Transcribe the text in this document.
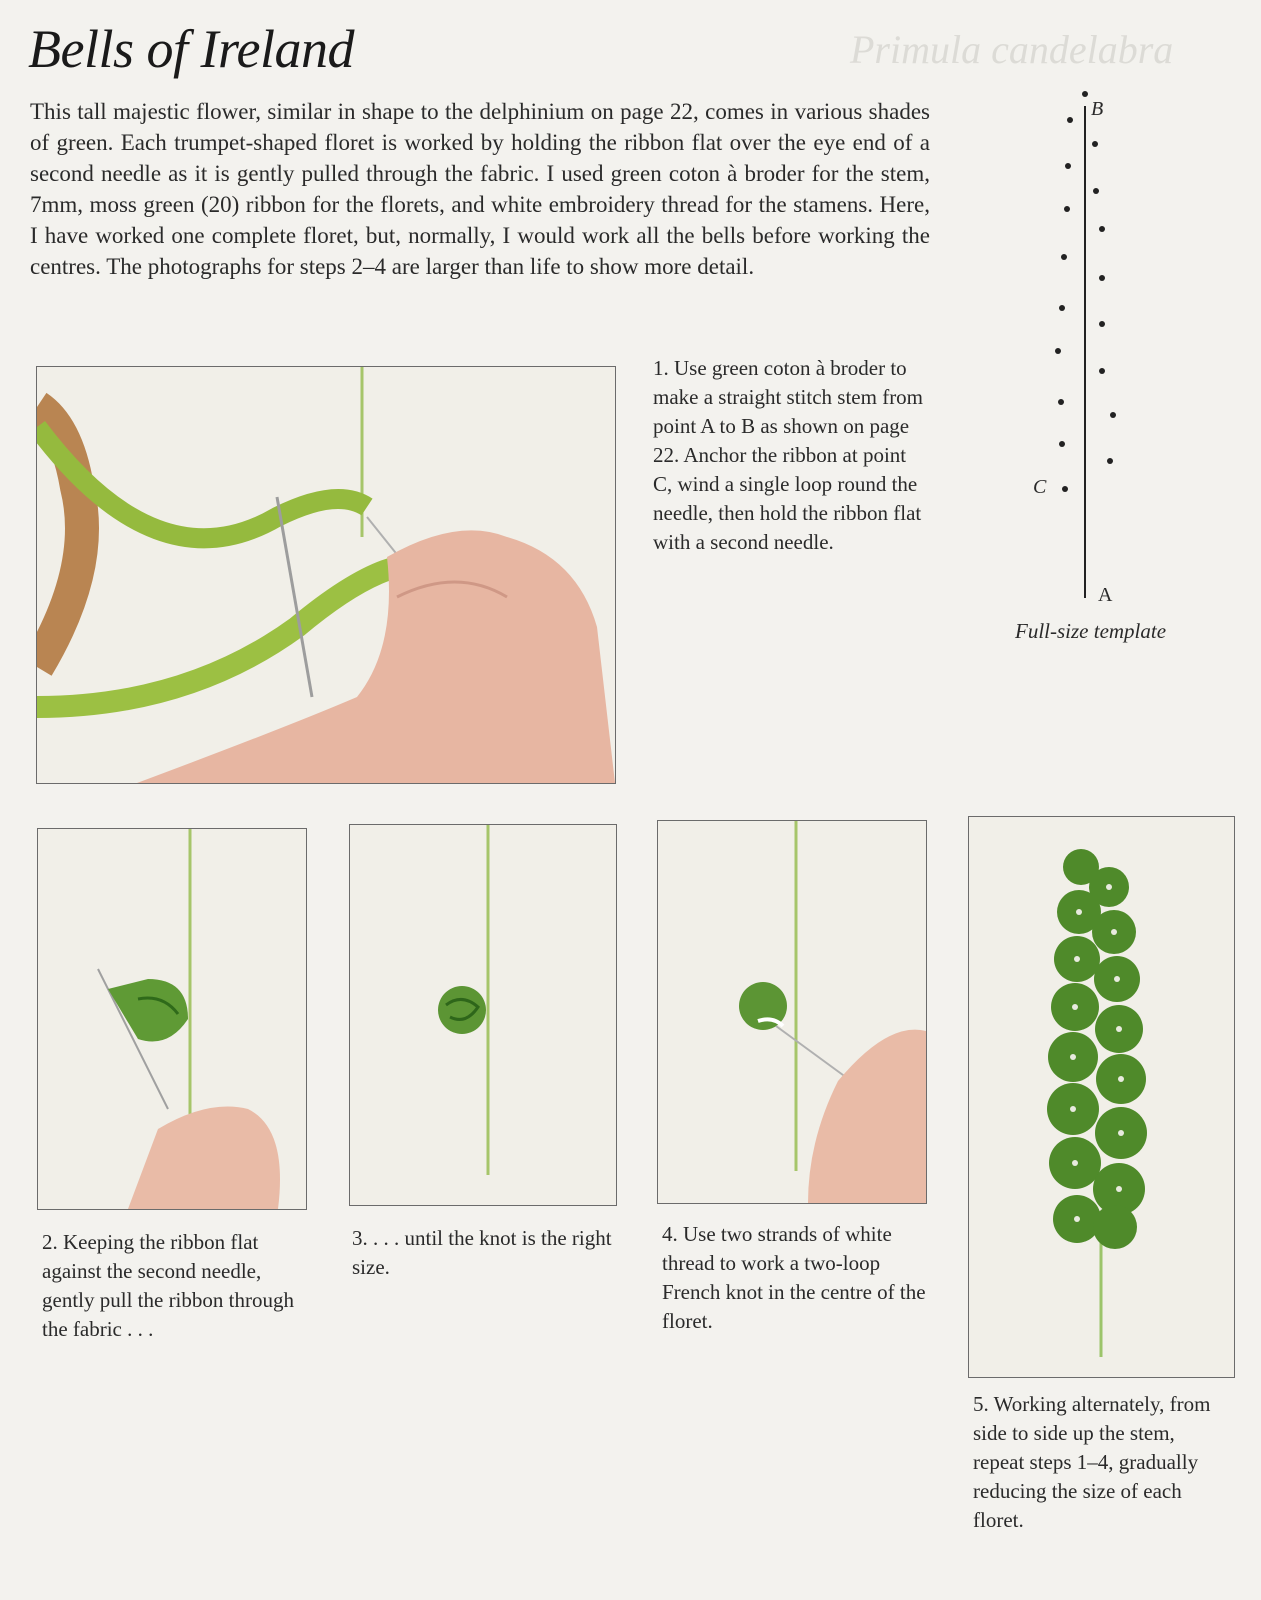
Primula candelabra
Bells of Ireland

This tall majestic flower, similar in shape to the delphinium on page 22, comes in various shades of green. Each trumpet-shaped floret is worked by holding the ribbon flat over the eye end of a second needle as it is gently pulled through the fabric. I used green coton à broder for the stem, 7mm, moss green (20) ribbon for the florets, and white embroidery thread for the stamens. Here, I have worked one complete floret, but, normally, I would work all the bells before working the centres. The photographs for steps 2–4 are larger than life to show more detail.

1. Use green coton à broder to make a straight stitch stem from point A to B as shown on page 22. Anchor the ribbon at point C, wind a single loop round the needle, then hold the ribbon flat with a second needle.

B
C
A
Full-size template

2. Keeping the ribbon flat against the second needle, gently pull the ribbon through the fabric . . .

3. . . . until the knot is the right size.

4. Use two strands of white thread to work a two-loop French knot in the centre of the floret.

5. Working alternately, from side to side up the stem, repeat steps 1–4, gradually reducing the size of each floret.
